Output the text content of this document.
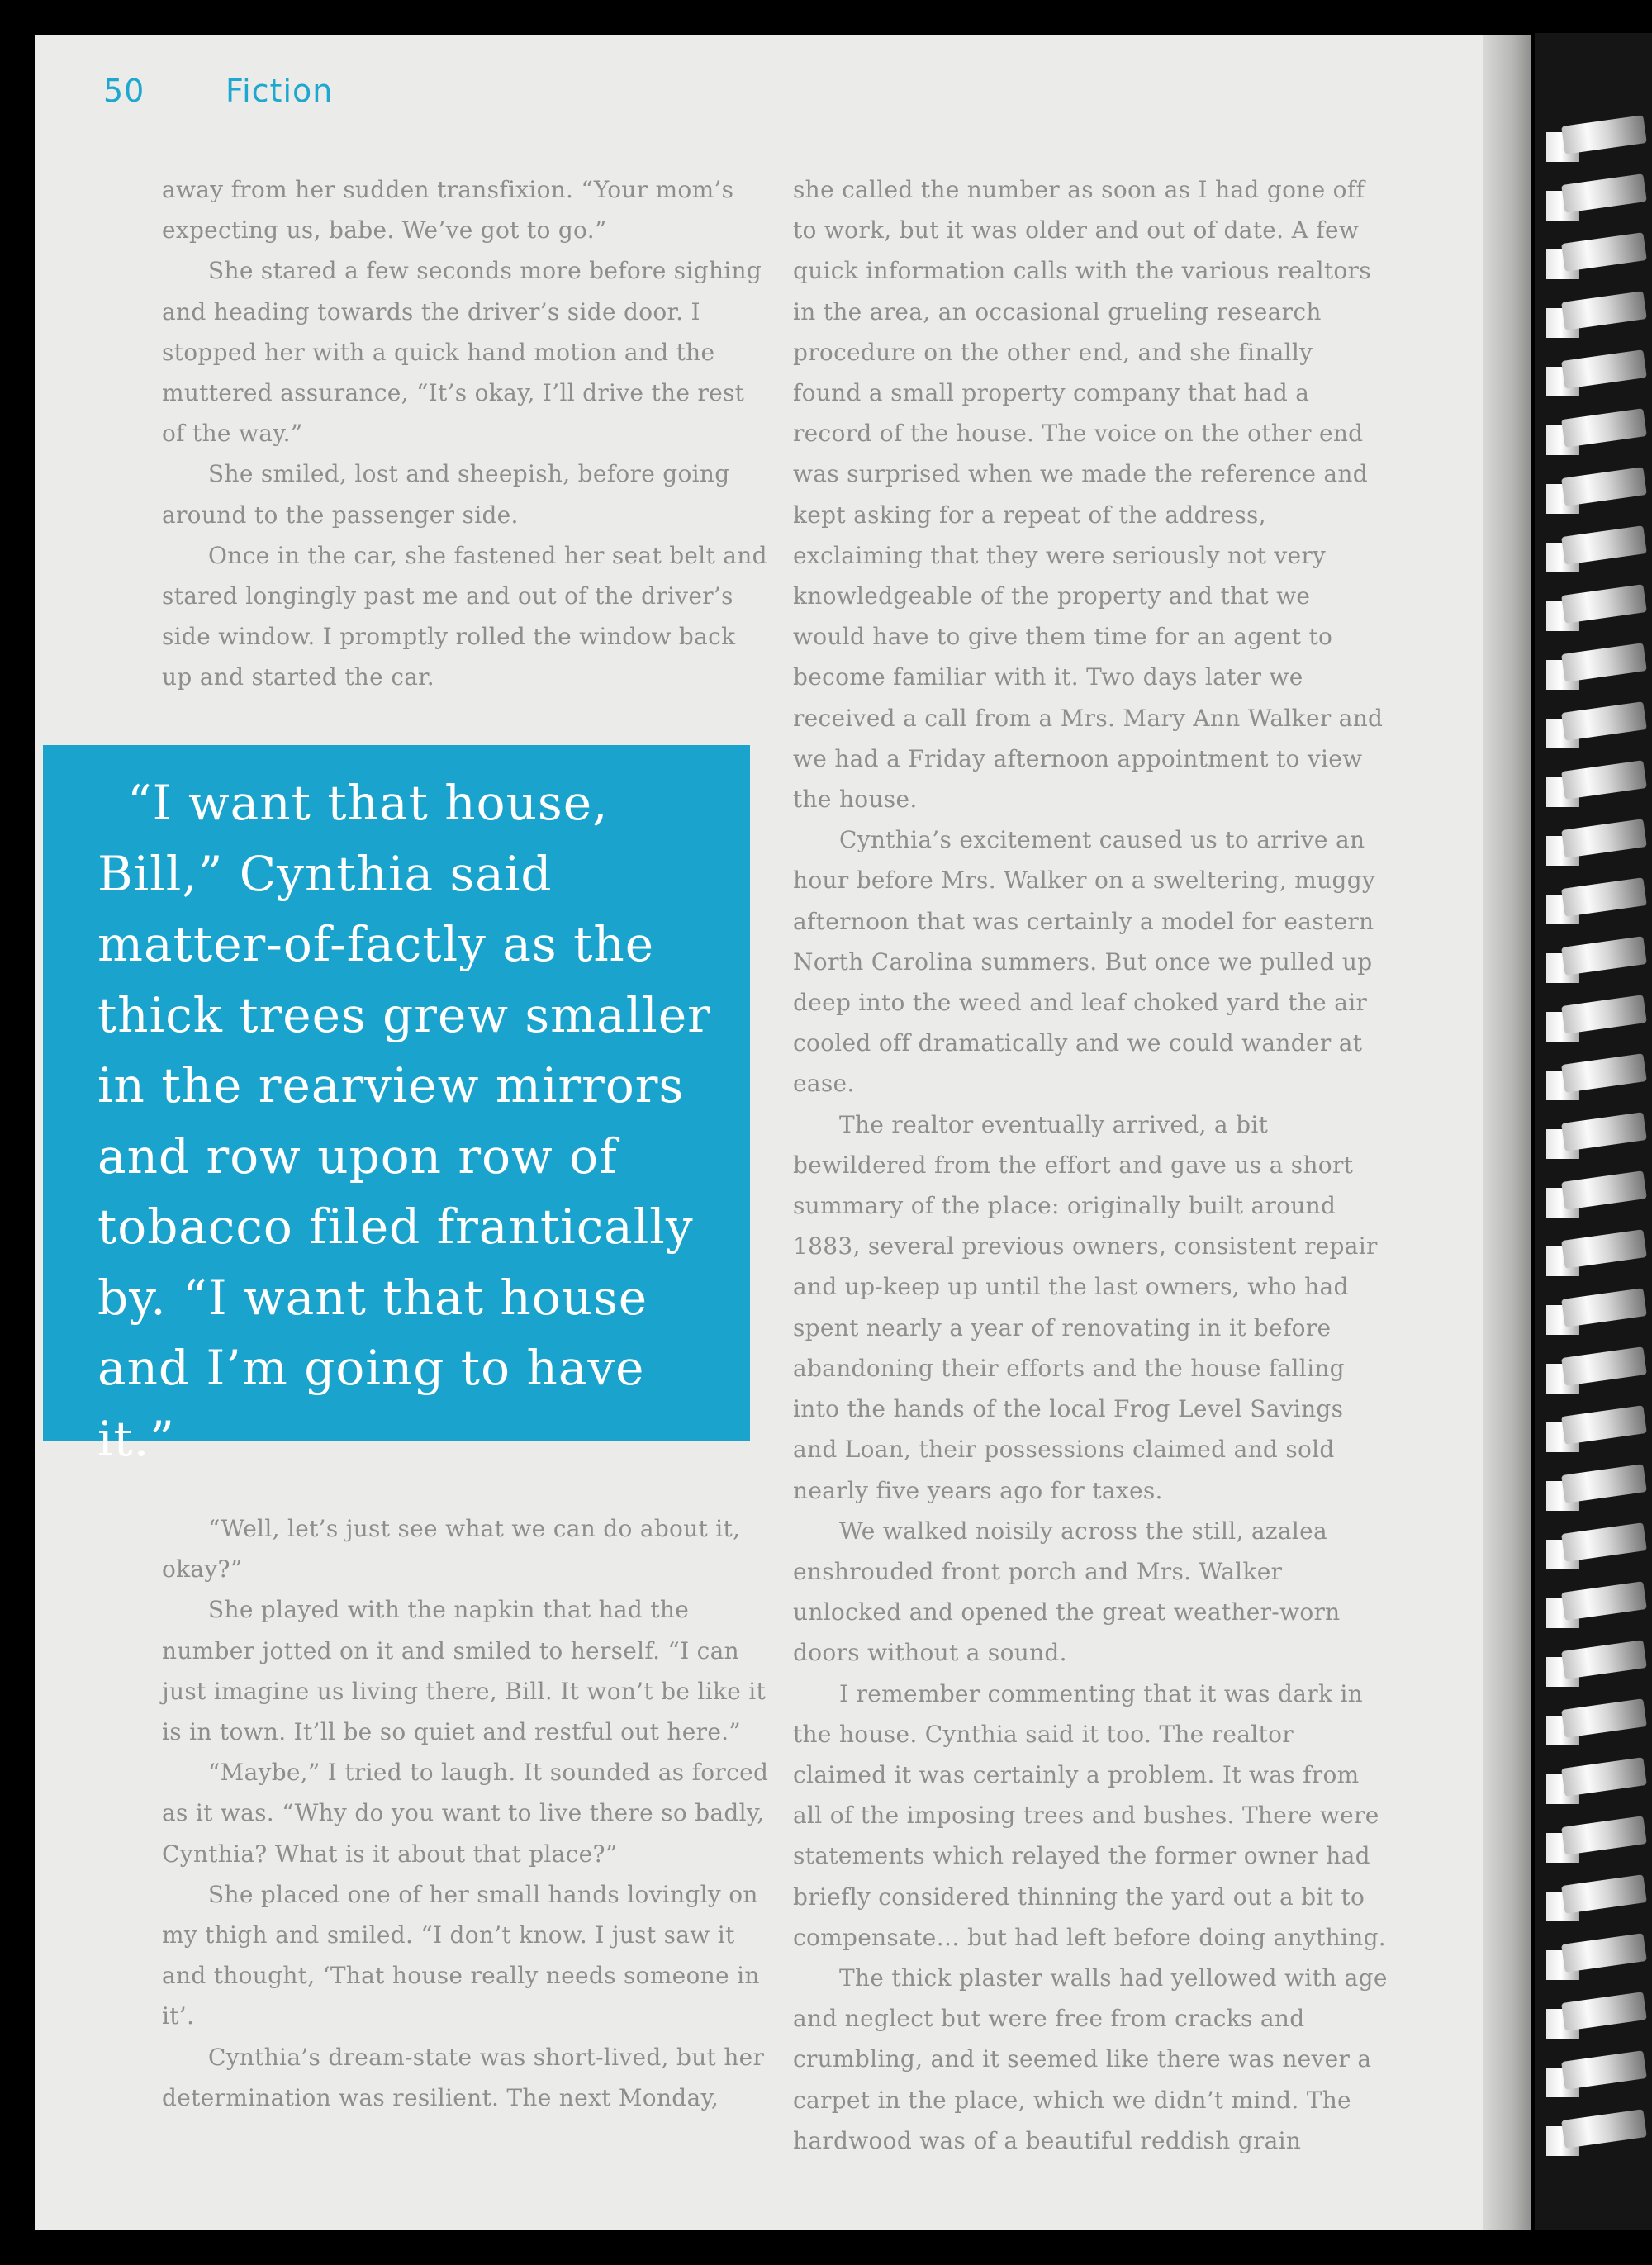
50	Fiction

away from her sudden transfixion. “Your mom’s expecting us, babe. We’ve got to go.”

She stared a few seconds more before sighing and heading towards the driver’s side door. I stopped her with a quick hand motion and the muttered assurance, “It’s okay, I’ll drive the rest of the way.”

She smiled, lost and sheepish, before going around to the passenger side.

Once in the car, she fastened her seat belt and stared longingly past me and out of the driver’s side window. I promptly rolled the window back up and started the car.

“I want that house, Bill,” Cynthia said matter-of-factly as the thick trees grew smaller in the rearview mirrors and row upon row of tobacco filed frantically by. “I want that house and I’m going to have it.”

“Well, let’s just see what we can do about it, okay?”

She played with the napkin that had the number jotted on it and smiled to herself. “I can just imagine us living there, Bill. It won’t be like it is in town. It’ll be so quiet and restful out here.”

“Maybe,” I tried to laugh. It sounded as forced as it was. “Why do you want to live there so badly, Cynthia? What is it about that place?”

She placed one of her small hands lovingly on my thigh and smiled. “I don’t know. I just saw it and thought, ‘That house really needs someone in it’.

Cynthia’s dream-state was short-lived, but her determination was resilient. The next Monday,

she called the number as soon as I had gone off to work, but it was older and out of date. A few quick information calls with the various realtors in the area, an occasional grueling research procedure on the other end, and she finally found a small property company that had a record of the house. The voice on the other end was surprised when we made the reference and kept asking for a repeat of the address, exclaiming that they were seriously not very knowledgeable of the property and that we would have to give them time for an agent to become familiar with it. Two days later we received a call from a Mrs. Mary Ann Walker and we had a Friday afternoon appointment to view the house.

Cynthia’s excitement caused us to arrive an hour before Mrs. Walker on a sweltering, muggy afternoon that was certainly a model for eastern North Carolina summers. But once we pulled up deep into the weed and leaf choked yard the air cooled off dramatically and we could wander at ease.

The realtor eventually arrived, a bit bewildered from the effort and gave us a short summary of the place: originally built around 1883, several previous owners, consistent repair and up-keep up until the last owners, who had spent nearly a year of renovating in it before abandoning their efforts and the house falling into the hands of the local Frog Level Savings and Loan, their possessions claimed and sold nearly five years ago for taxes.

We walked noisily across the still, azalea enshrouded front porch and Mrs. Walker unlocked and opened the great weather-worn doors without a sound.

I remember commenting that it was dark in the house. Cynthia said it too. The realtor claimed it was certainly a problem. It was from all of the imposing trees and bushes. There were statements which relayed the former owner had briefly considered thinning the yard out a bit to compensate… but had left before doing anything.

The thick plaster walls had yellowed with age and neglect but were free from cracks and crumbling, and it seemed like there was never a carpet in the place, which we didn’t mind. The hardwood was of a beautiful reddish grain
